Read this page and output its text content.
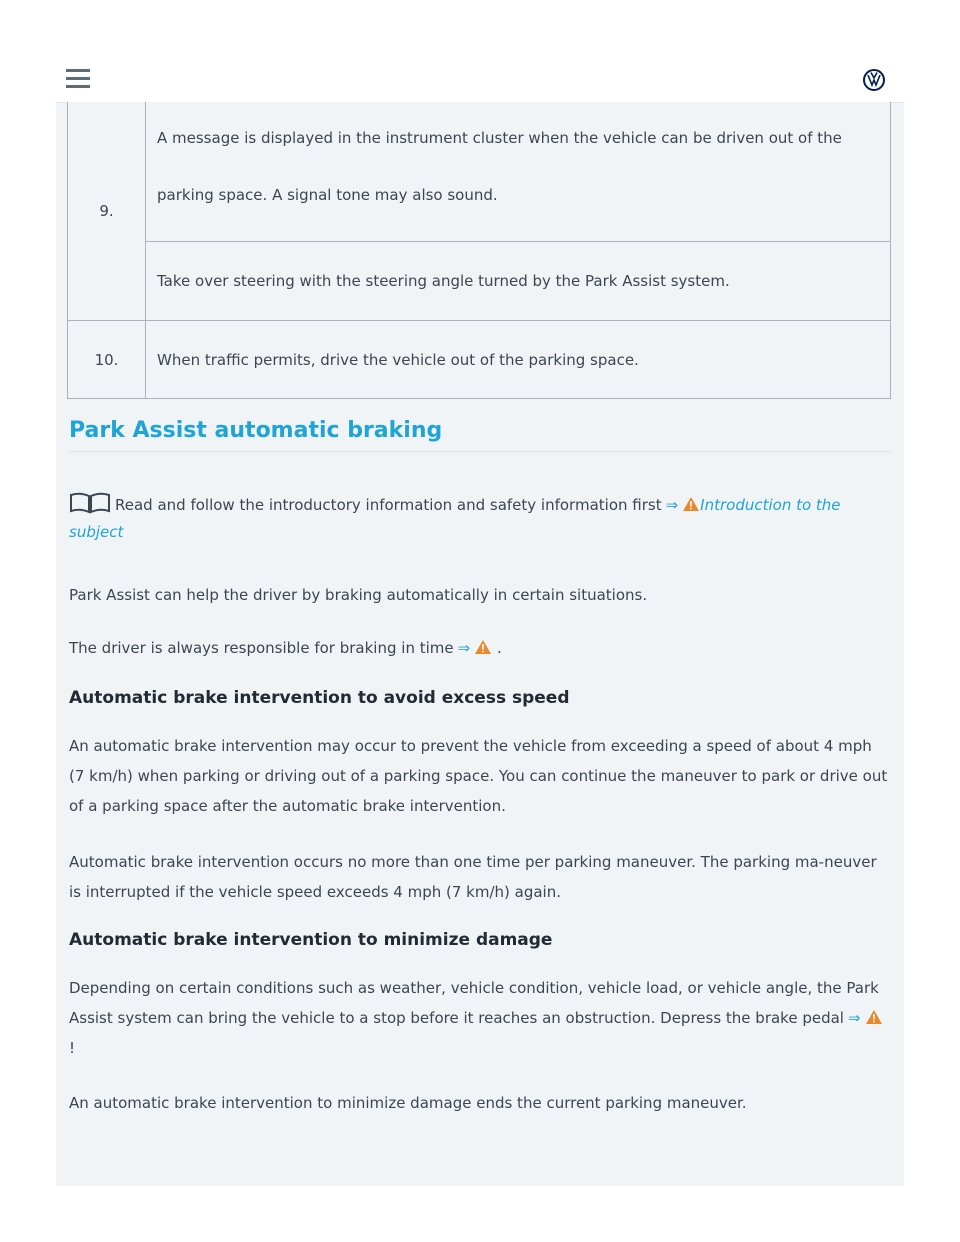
9.	A message is displayed in the instrument cluster when the vehicle can be driven out of the parking space. A signal tone may also sound.
	Take over steering with the steering angle turned by the Park Assist system.
10.	When traffic permits, drive the vehicle out of the parking space.
Park Assist automatic braking
Read and follow the introductory information and safety information first ⇒ Introduction to the subject

Park Assist can help the driver by braking automatically in certain situations.

The driver is always responsible for braking in time ⇒ .

Automatic brake intervention to avoid excess speed

An automatic brake intervention may occur to prevent the vehicle from exceeding a speed of about 4 mph (7 km/h) when parking or driving out of a parking space. You can continue the maneuver to park or drive out of a parking space after the automatic brake intervention.

Automatic brake intervention occurs no more than one time per parking maneuver. The parking ma-neuver is interrupted if the vehicle speed exceeds 4 mph (7 km/h) again.

Automatic brake intervention to minimize damage

Depending on certain conditions such as weather, vehicle condition, vehicle load, or vehicle angle, the Park Assist system can bring the vehicle to a stop before it reaches an obstruction. Depress the brake pedal ⇒ !

An automatic brake intervention to minimize damage ends the current parking maneuver.
